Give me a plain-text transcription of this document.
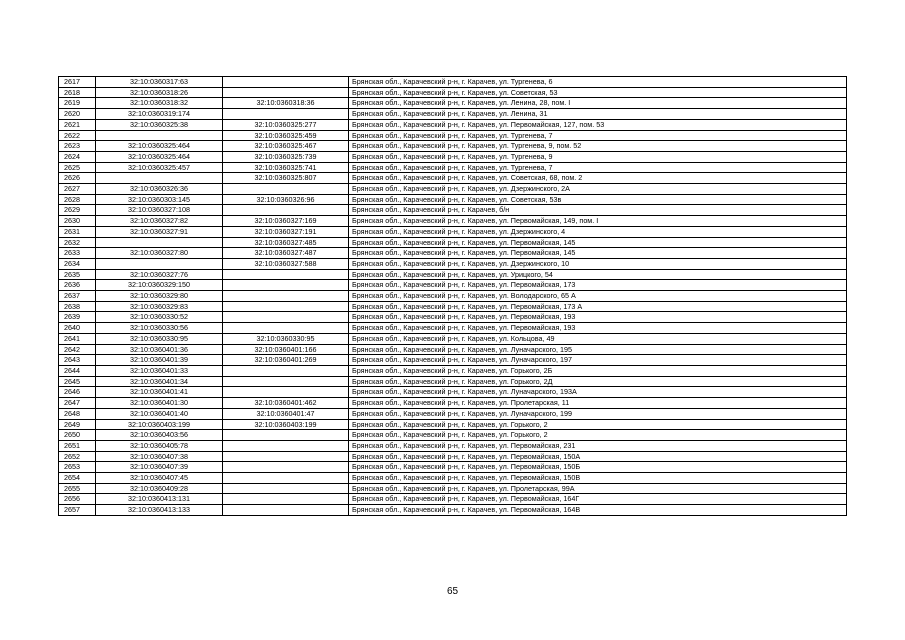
2617	32:10:0360317:63		Брянская обл., Карачевский р-н, г. Карачев, ул. Тургенева, 6
2618	32:10:0360318:26		Брянская обл., Карачевский р-н, г. Карачев, ул. Советская, 53
2619	32:10:0360318:32	32:10:0360318:36	Брянская обл., Карачевский р-н, г. Карачев, ул. Ленина, 28, пом. I
2620	32:10:0360319:174		Брянская обл., Карачевский р-н, г. Карачев, ул. Ленина, 31
2621	32:10:0360325:38	32:10:0360325:277	Брянская обл., Карачевский р-н, г. Карачев, ул. Первомайская, 127, пом. 53
2622		32:10:0360325:459	Брянская обл., Карачевский р-н, г. Карачев, ул. Тургенева, 7
2623	32:10:0360325:464	32:10:0360325:467	Брянская обл., Карачевский р-н, г. Карачев, ул. Тургенева, 9, пом. 52
2624	32:10:0360325:464	32:10:0360325:739	Брянская обл., Карачевский р-н, г. Карачев, ул. Тургенева, 9
2625	32:10:0360325:457	32:10:0360325:741	Брянская обл., Карачевский р-н, г. Карачев, ул. Тургенева, 7
2626		32:10:0360325:807	Брянская обл., Карачевский р-н, г. Карачев, ул. Советская, 68, пом. 2
2627	32:10:0360326:36		Брянская обл., Карачевский р-н, г. Карачев, ул. Дзержинского, 2А
2628	32:10:0360303:145	32:10:0360326:96	Брянская обл., Карачевский р-н, г. Карачев, ул. Советская, 53в
2629	32:10:0360327:108		Брянская обл., Карачевский р-н, г. Карачев, б/н
2630	32:10:0360327:82	32:10:0360327:169	Брянская обл., Карачевский р-н, г. Карачев, ул. Первомайская, 149, пом. I
2631	32:10:0360327:91	32:10:0360327:191	Брянская обл., Карачевский р-н, г. Карачев, ул. Дзержинского, 4
2632		32:10:0360327:485	Брянская обл., Карачевский р-н, г. Карачев, ул. Первомайская, 145
2633	32:10:0360327:80	32:10:0360327:487	Брянская обл., Карачевский р-н, г. Карачев, ул. Первомайская, 145
2634		32:10:0360327:588	Брянская обл., Карачевский р-н, г. Карачев, ул. Дзержинского, 10
2635	32:10:0360327:76		Брянская обл., Карачевский р-н, г. Карачев, ул. Урицкого, 54
2636	32:10:0360329:150		Брянская обл., Карачевский р-н, г. Карачев, ул. Первомайская, 173
2637	32:10:0360329:80		Брянская обл., Карачевский р-н, г. Карачев, ул. Володарского, 65 А
2638	32:10:0360329:83		Брянская обл., Карачевский р-н, г. Карачев, ул. Первомайская, 173 А
2639	32:10:0360330:52		Брянская обл., Карачевский р-н, г. Карачев, ул. Первомайская, 193
2640	32:10:0360330:56		Брянская обл., Карачевский р-н, г. Карачев, ул. Первомайская, 193
2641	32:10:0360330:95	32:10:0360330:95	Брянская обл., Карачевский р-н, г. Карачев, ул. Кольцова, 49
2642	32:10:0360401:36	32:10:0360401:166	Брянская обл., Карачевский р-н, г. Карачев, ул. Луначарского, 195
2643	32:10:0360401:39	32:10:0360401:269	Брянская обл., Карачевский р-н, г. Карачев, ул. Луначарского, 197
2644	32:10:0360401:33		Брянская обл., Карачевский р-н, г. Карачев, ул. Горького, 2Б
2645	32:10:0360401:34		Брянская обл., Карачевский р-н, г. Карачев, ул. Горького, 2Д
2646	32:10:0360401:41		Брянская обл., Карачевский р-н, г. Карачев, ул. Луначарского, 193А
2647	32:10:0360401:30	32:10:0360401:462	Брянская обл., Карачевский р-н, г. Карачев, ул. Пролетарская, 11
2648	32:10:0360401:40	32:10:0360401:47	Брянская обл., Карачевский р-н, г. Карачев, ул. Луначарского, 199
2649	32:10:0360403:199	32:10:0360403:199	Брянская обл., Карачевский р-н, г. Карачев, ул. Горького, 2
2650	32:10:0360403:56		Брянская обл., Карачевский р-н, г. Карачев, ул. Горького, 2
2651	32:10:0360405:78		Брянская обл., Карачевский р-н, г. Карачев, ул. Первомайская, 231
2652	32:10:0360407:38		Брянская обл., Карачевский р-н, г. Карачев, ул. Первомайская, 150А
2653	32:10:0360407:39		Брянская обл., Карачевский р-н, г. Карачев, ул. Первомайская, 150Б
2654	32:10:0360407:45		Брянская обл., Карачевский р-н, г. Карачев, ул. Первомайская, 150В
2655	32:10:0360409:28		Брянская обл., Карачевский р-н, г. Карачев, ул. Пролетарская, 99А
2656	32:10:0360413:131		Брянская обл., Карачевский р-н, г. Карачев, ул. Первомайская, 164Г
2657	32:10:0360413:133		Брянская обл., Карачевский р-н, г. Карачев, ул. Первомайская, 164В
65
